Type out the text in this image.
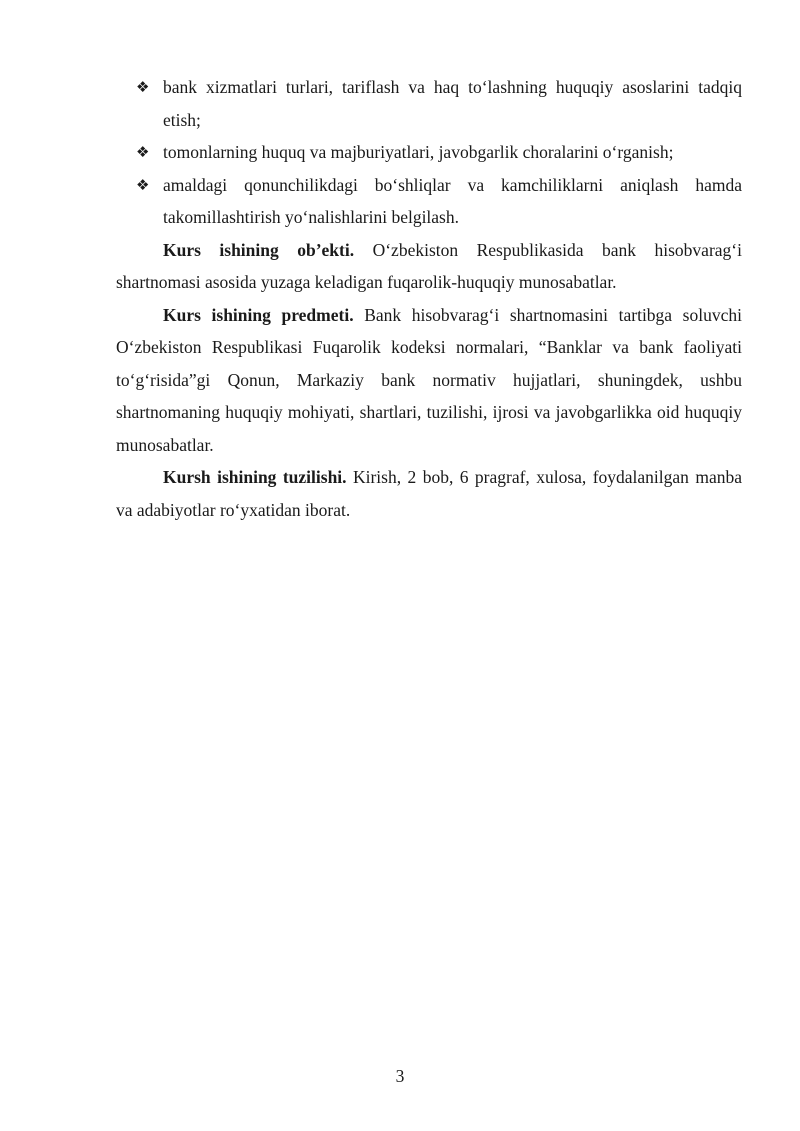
❖ bank xizmatlari turlari, tariflash va haq to‘lashning huquqiy asoslarini tadqiq etish;
❖ tomonlarning huquq va majburiyatlari, javobgarlik choralarini o‘rganish;
❖ amaldagi qonunchilikdagi bo‘shliqlar va kamchiliklarni aniqlash hamda takomillashtirish yo‘nalishlarini belgilash.

Kurs ishining ob’ekti. O‘zbekiston Respublikasida bank hisobvarag‘i shartnomasi asosida yuzaga keladigan fuqarolik-huquqiy munosabatlar.

Kurs ishining predmeti. Bank hisobvarag‘i shartnomasini tartibga soluvchi O‘zbekiston Respublikasi Fuqarolik kodeksi normalari, “Banklar va bank faoliyati to‘g‘risida”gi Qonun, Markaziy bank normativ hujjatlari, shuningdek, ushbu shartnomaning huquqiy mohiyati, shartlari, tuzilishi, ijrosi va javobgarlikka oid huquqiy munosabatlar.

Kursh ishining tuzilishi. Kirish, 2 bob, 6 pragraf, xulosa, foydalanilgan manba va adabiyotlar ro‘yxatidan iborat.

3
